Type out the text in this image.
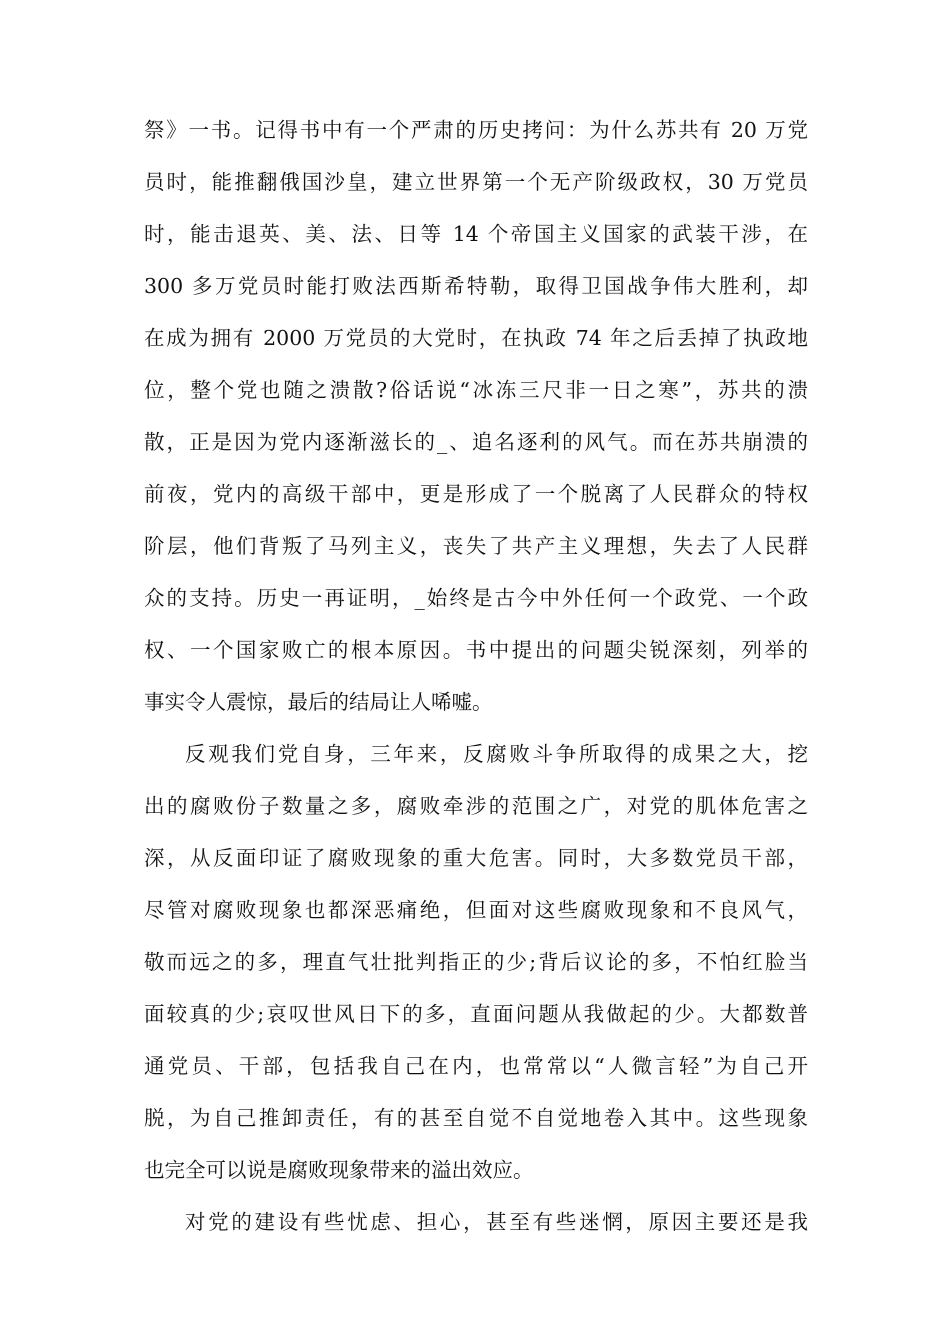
祭》一书。记得书中有一个严肃的历史拷问：为什么苏共有 20 万党
员时，能推翻俄国沙皇，建立世界第一个无产阶级政权，30 万党员
时，能击退英、美、法、日等 14 个帝国主义国家的武装干涉，在
300 多万党员时能打败法西斯希特勒，取得卫国战争伟大胜利，却
在成为拥有 2000 万党员的大党时，在执政 74 年之后丢掉了执政地
位，整个党也随之溃散?俗话说“冰冻三尺非一日之寒”，苏共的溃
散，正是因为党内逐渐滋长的_、追名逐利的风气。而在苏共崩溃的
前夜，党内的高级干部中，更是形成了一个脱离了人民群众的特权
阶层，他们背叛了马列主义，丧失了共产主义理想，失去了人民群
众的支持。历史一再证明，_始终是古今中外任何一个政党、一个政
权、一个国家败亡的根本原因。书中提出的问题尖锐深刻，列举的
事实令人震惊，最后的结局让人唏嘘。
反观我们党自身，三年来，反腐败斗争所取得的成果之大，挖
出的腐败份子数量之多，腐败牵涉的范围之广，对党的肌体危害之
深，从反面印证了腐败现象的重大危害。同时，大多数党员干部，
尽管对腐败现象也都深恶痛绝，但面对这些腐败现象和不良风气，
敬而远之的多，理直气壮批判指正的少;背后议论的多，不怕红脸当
面较真的少;哀叹世风日下的多，直面问题从我做起的少。大都数普
通党员、干部，包括我自己在内，也常常以“人微言轻”为自己开
脱，为自己推卸责任，有的甚至自觉不自觉地卷入其中。这些现象
也完全可以说是腐败现象带来的溢出效应。
对党的建设有些忧虑、担心，甚至有些迷惘，原因主要还是我
